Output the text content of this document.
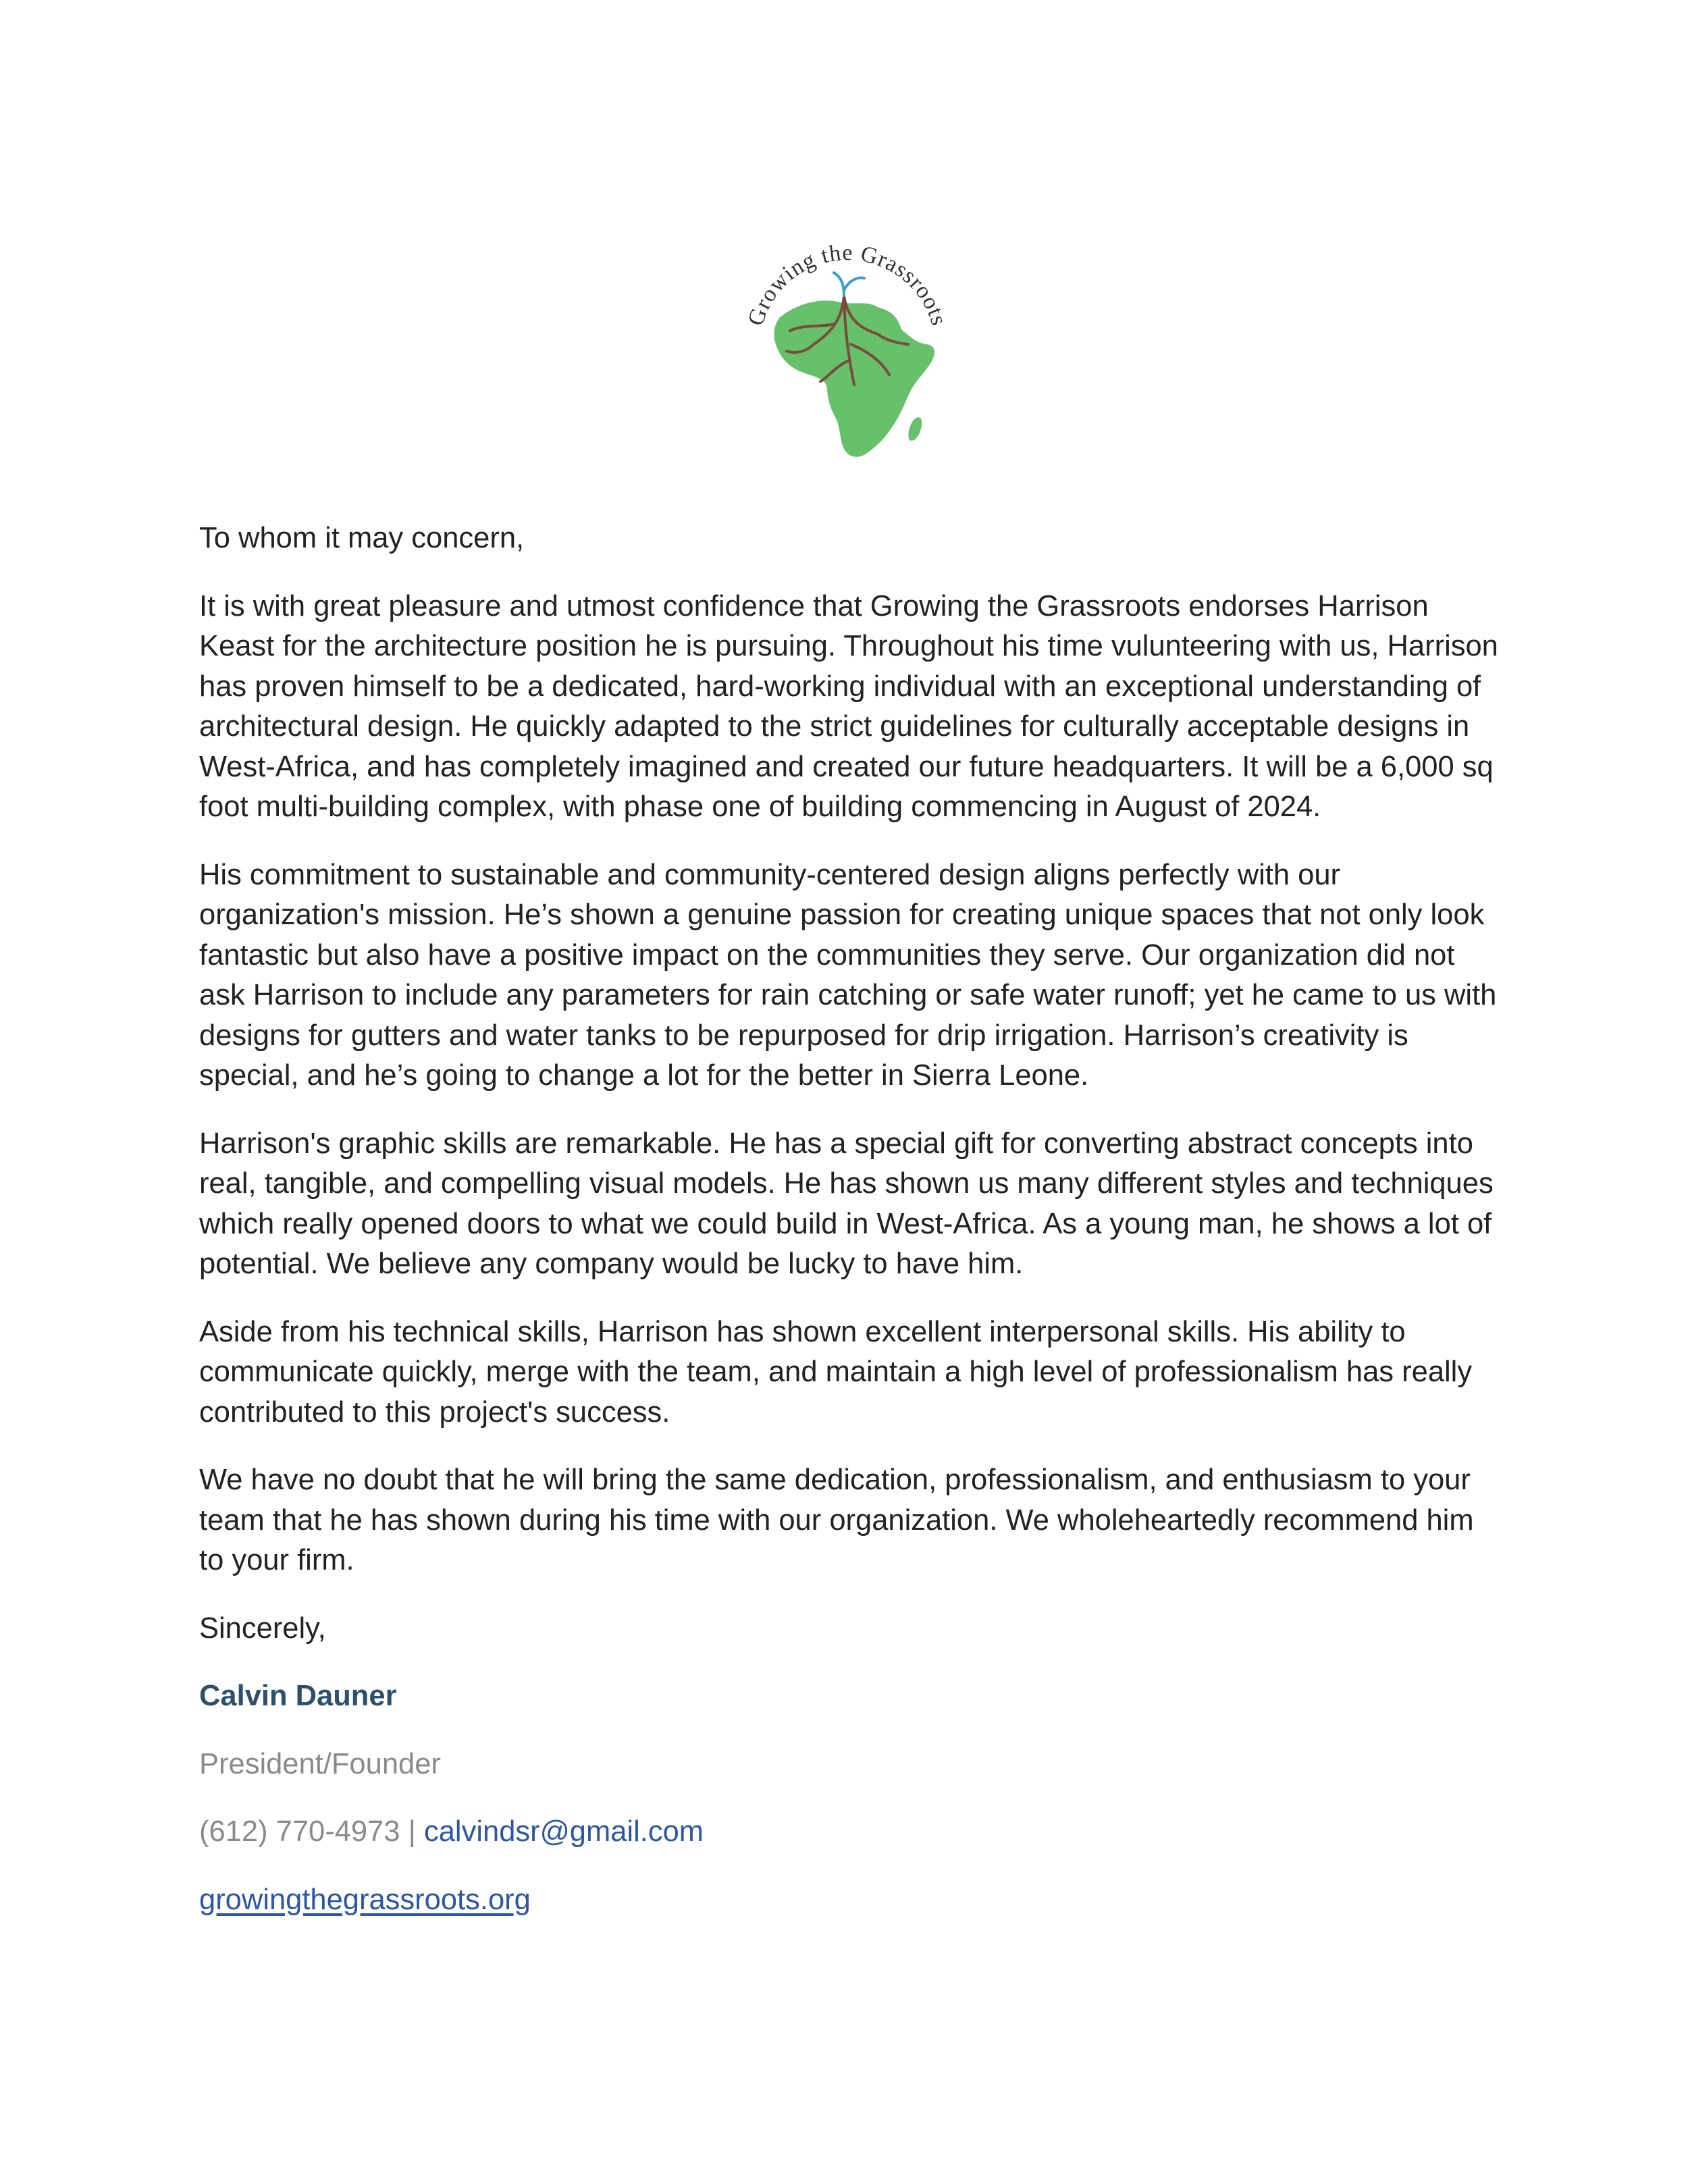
Growing the Grassroots

To whom it may concern,

It is with great pleasure and utmost confidence that Growing the Grassroots endorses Harrison Keast for the architecture position he is pursuing. Throughout his time vulunteering with us, Harrison has proven himself to be a dedicated, hard-working individual with an exceptional understanding of architectural design. He quickly adapted to the strict guidelines for culturally acceptable designs in West-Africa, and has completely imagined and created our future headquarters. It will be a 6,000 sq foot multi-building complex, with phase one of building commencing in August of 2024.

His commitment to sustainable and community-centered design aligns perfectly with our organization's mission. He’s shown a genuine passion for creating unique spaces that not only look fantastic but also have a positive impact on the communities they serve. Our organization did not ask Harrison to include any parameters for rain catching or safe water runoff; yet he came to us with designs for gutters and water tanks to be repurposed for drip irrigation. Harrison’s creativity is special, and he’s going to change a lot for the better in Sierra Leone.

Harrison's graphic skills are remarkable. He has a special gift for converting abstract concepts into real, tangible, and compelling visual models. He has shown us many different styles and techniques which really opened doors to what we could build in West-Africa. As a young man, he shows a lot of potential. We believe any company would be lucky to have him.

Aside from his technical skills, Harrison has shown excellent interpersonal skills. His ability to communicate quickly, merge with the team, and maintain a high level of professionalism has really contributed to this project's success.

We have no doubt that he will bring the same dedication, professionalism, and enthusiasm to your team that he has shown during his time with our organization. We wholeheartedly recommend him to your firm.

Sincerely,

Calvin Dauner

President/Founder

(612) 770-4973 | calvindsr@gmail.com

growingthegrassroots.org
